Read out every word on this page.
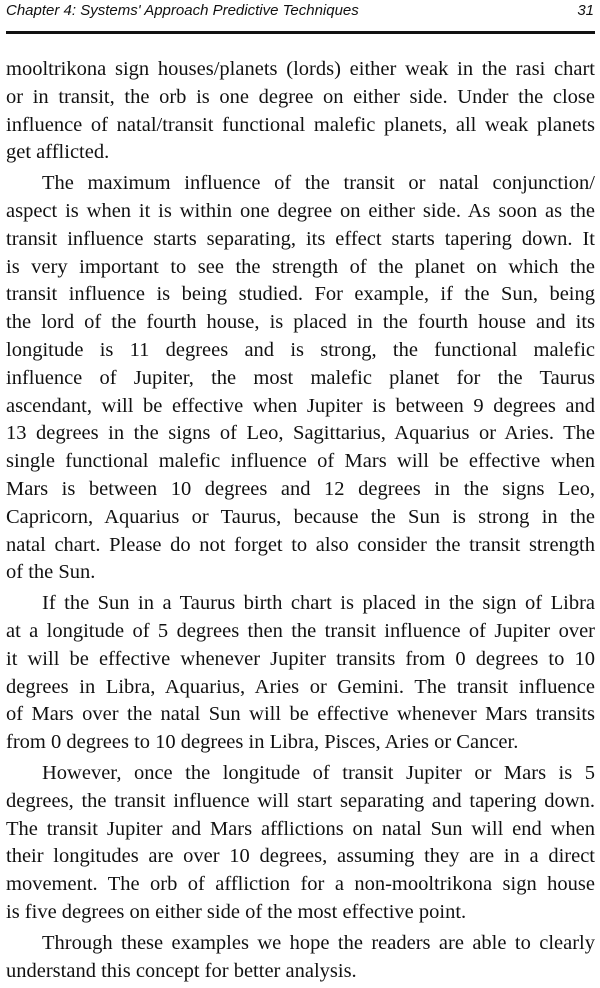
Chapter 4: Systems' Approach Predictive Techniques	31
mooltrikona sign houses/planets (lords) either weak in the rasi chart
or in transit, the orb is one degree on either side. Under the close
influence of natal/transit functional malefic planets, all weak planets
get afflicted.
The maximum influence of the transit or natal conjunction/
aspect is when it is within one degree on either side. As soon as the
transit influence starts separating, its effect starts tapering down. It
is very important to see the strength of the planet on which the
transit influence is being studied. For example, if the Sun, being
the lord of the fourth house, is placed in the fourth house and its
longitude is 11 degrees and is strong, the functional malefic
influence of Jupiter, the most malefic planet for the Taurus
ascendant, will be effective when Jupiter is between 9 degrees and
13 degrees in the signs of Leo, Sagittarius, Aquarius or Aries. The
single functional malefic influence of Mars will be effective when
Mars is between 10 degrees and 12 degrees in the signs Leo,
Capricorn, Aquarius or Taurus, because the Sun is strong in the
natal chart. Please do not forget to also consider the transit strength
of the Sun.
If the Sun in a Taurus birth chart is placed in the sign of Libra
at a longitude of 5 degrees then the transit influence of Jupiter over
it will be effective whenever Jupiter transits from 0 degrees to 10
degrees in Libra, Aquarius, Aries or Gemini. The transit influence
of Mars over the natal Sun will be effective whenever Mars transits
from 0 degrees to 10 degrees in Libra, Pisces, Aries or Cancer.
However, once the longitude of transit Jupiter or Mars is 5
degrees, the transit influence will start separating and tapering down.
The transit Jupiter and Mars afflictions on natal Sun will end when
their longitudes are over 10 degrees, assuming they are in a direct
movement. The orb of affliction for a non-mooltrikona sign house
is five degrees on either side of the most effective point.
Through these examples we hope the readers are able to clearly
understand this concept for better analysis.
